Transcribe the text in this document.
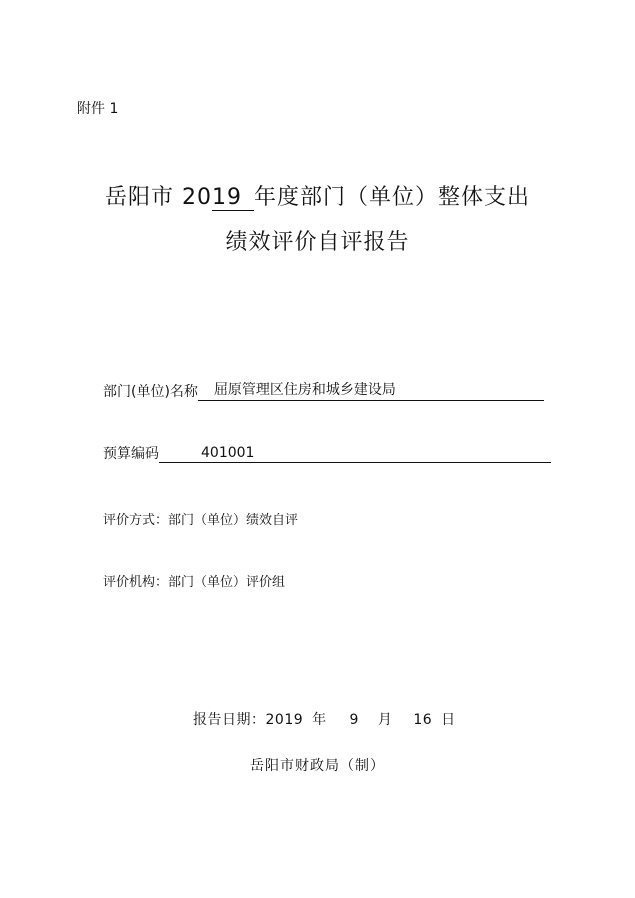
附件 1
岳阳市 2019 年度部门（单位）整体支出
绩效评价自评报告
部门(单位)名称 屈原管理区住房和城乡建设局
预算编码	401001
评价方式： 部门（单位）绩效自评
评价机构： 部门（单位）评价组
报告日期：2019 年 9 月 16 日
岳阳市财政局（制）
